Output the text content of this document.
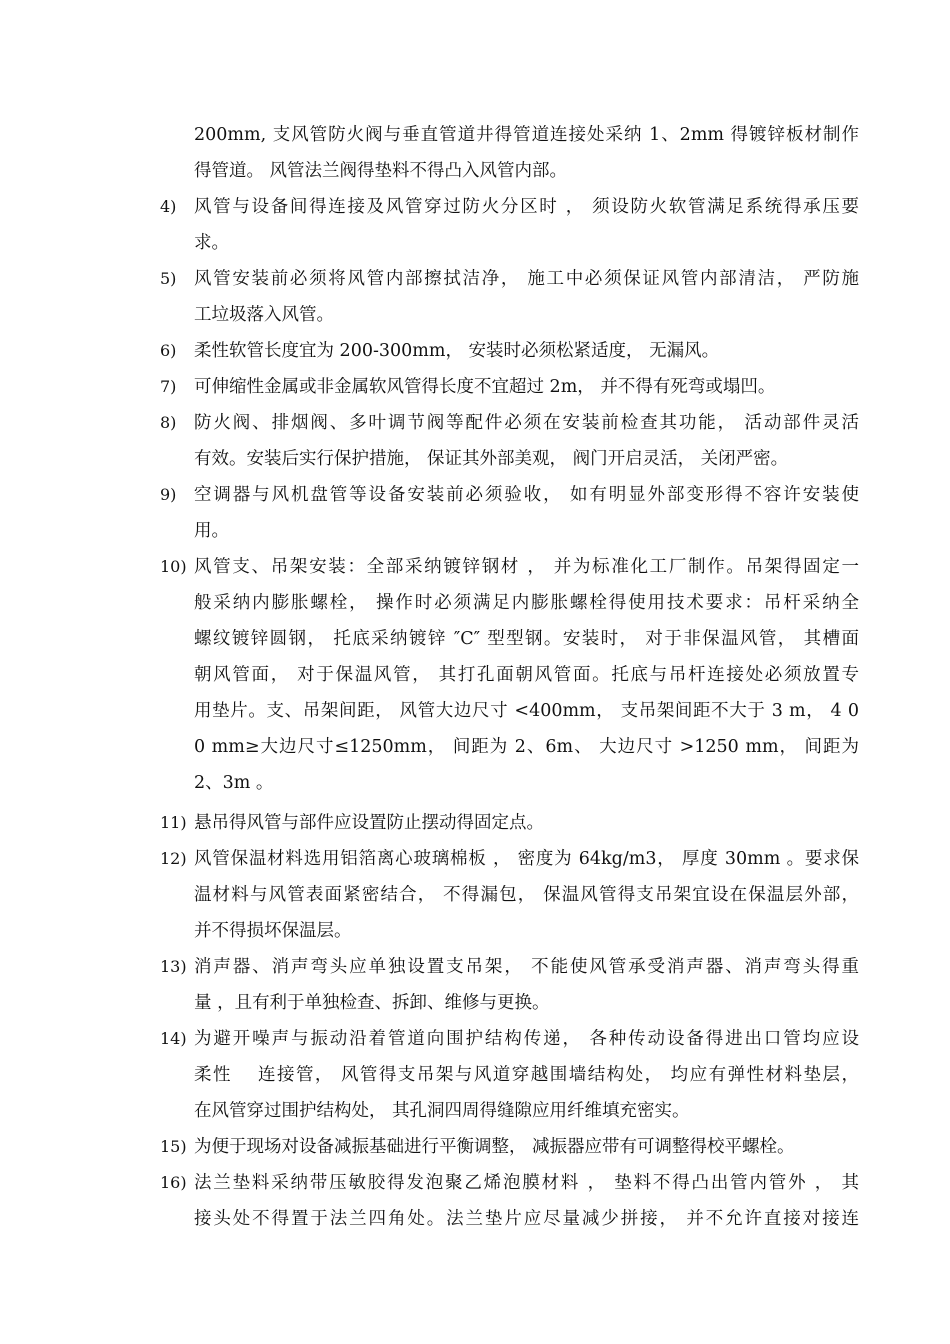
200mm, 支风管防火阀与垂直管道井得管道连接处采纳 1、2mm 得镀锌板材制作
得管道。 风管法兰阀得垫料不得凸入风管内部。
4)	风管与设备间得连接及风管穿过防火分区时 ， 须设防火软管满足系统得承压要
求。
5)	风管安装前必须将风管内部擦拭洁净， 施工中必须保证风管内部清洁， 严防施
工垃圾落入风管。
6)	柔性软管长度宜为 200-300mm， 安装时必须松紧适度， 无漏风。
7)	可伸缩性金属或非金属软风管得长度不宜超过 2m， 并不得有死弯或塌凹。
8)	防火阀、排烟阀、多叶调节阀等配件必须在安装前检查其功能， 活动部件灵活
有效。安装后实行保护措施， 保证其外部美观， 阀门开启灵活， 关闭严密。
9)	空调器与风机盘管等设备安装前必须验收， 如有明显外部变形得不容许安装使
用。
10) 风管支、吊架安装：全部采纳镀锌钢材 ， 并为标准化工厂制作。吊架得固定一
般采纳内膨胀螺栓， 操作时必须满足内膨胀螺栓得使用技术要求：吊杆采纳全
螺纹镀锌圆钢， 托底采纳镀锌 ″C″ 型型钢。安装时， 对于非保温风管， 其槽面
朝风管面， 对于保温风管， 其打孔面朝风管面。托底与吊杆连接处必须放置专
用垫片。支、吊架间距， 风管大边尺寸 <400mm， 支吊架间距不大于 3 m， 4 0
0 mm≥大边尺寸≤1250mm， 间距为 2、6m、 大边尺寸 >1250 mm， 间距为
2、3m 。
11) 悬吊得风管与部件应设置防止摆动得固定点。
12) 风管保温材料选用铝箔离心玻璃棉板 ， 密度为 64kg/m3， 厚度 30mm 。要求保
温材料与风管表面紧密结合， 不得漏包， 保温风管得支吊架宜设在保温层外部，
并不得损坏保温层。
13) 消声器、消声弯头应单独设置支吊架， 不能使风管承受消声器、消声弯头得重
量 ，且有利于单独检查、拆卸、维修与更换。
14) 为避开噪声与振动沿着管道向围护结构传递， 各种传动设备得进出口管均应设
柔性　 连接管， 风管得支吊架与风道穿越围墙结构处， 均应有弹性材料垫层，
在风管穿过围护结构处， 其孔洞四周得缝隙应用纤维填充密实。
15) 为便于现场对设备减振基础进行平衡调整， 减振器应带有可调整得校平螺栓。
16) 法兰垫料采纳带压敏胶得发泡聚乙烯泡膜材料 ， 垫料不得凸出管内管外 ， 其
接头处不得置于法兰四角处。法兰垫片应尽量减少拼接， 并不允许直接对接连
